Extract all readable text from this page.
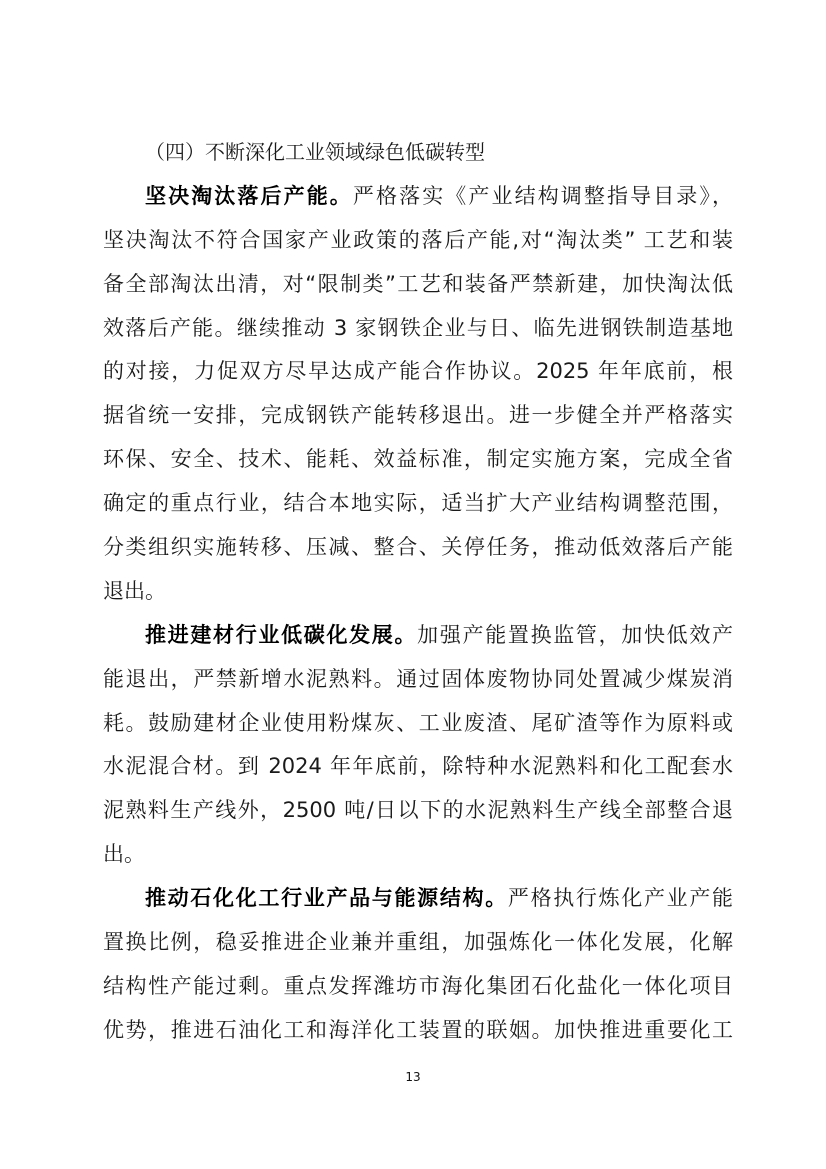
（四）不断深化工业领域绿色低碳转型
坚决淘汰落后产能。严格落实《产业结构调整指导目录》，
坚决淘汰不符合国家产业政策的落后产能,对“淘汰类” 工艺和装
备全部淘汰出清，对“限制类”工艺和装备严禁新建，加快淘汰低
效落后产能。继续推动 3 家钢铁企业与日、临先进钢铁制造基地
的对接，力促双方尽早达成产能合作协议。2025 年年底前，根
据省统一安排，完成钢铁产能转移退出。进一步健全并严格落实
环保、安全、技术、能耗、效益标准，制定实施方案，完成全省
确定的重点行业，结合本地实际，适当扩大产业结构调整范围，
分类组织实施转移、压减、整合、关停任务，推动低效落后产能
退出。
推进建材行业低碳化发展。加强产能置换监管，加快低效产
能退出，严禁新增水泥熟料。通过固体废物协同处置减少煤炭消
耗。鼓励建材企业使用粉煤灰、工业废渣、尾矿渣等作为原料或
水泥混合材。到 2024 年年底前，除特种水泥熟料和化工配套水
泥熟料生产线外，2500 吨/日以下的水泥熟料生产线全部整合退
出。
推动石化化工行业产品与能源结构。严格执行炼化产业产能
置换比例，稳妥推进企业兼并重组，加强炼化一体化发展，化解
结构性产能过剩。重点发挥潍坊市海化集团石化盐化一体化项目
优势，推进石油化工和海洋化工装置的联姻。加快推进重要化工
13
